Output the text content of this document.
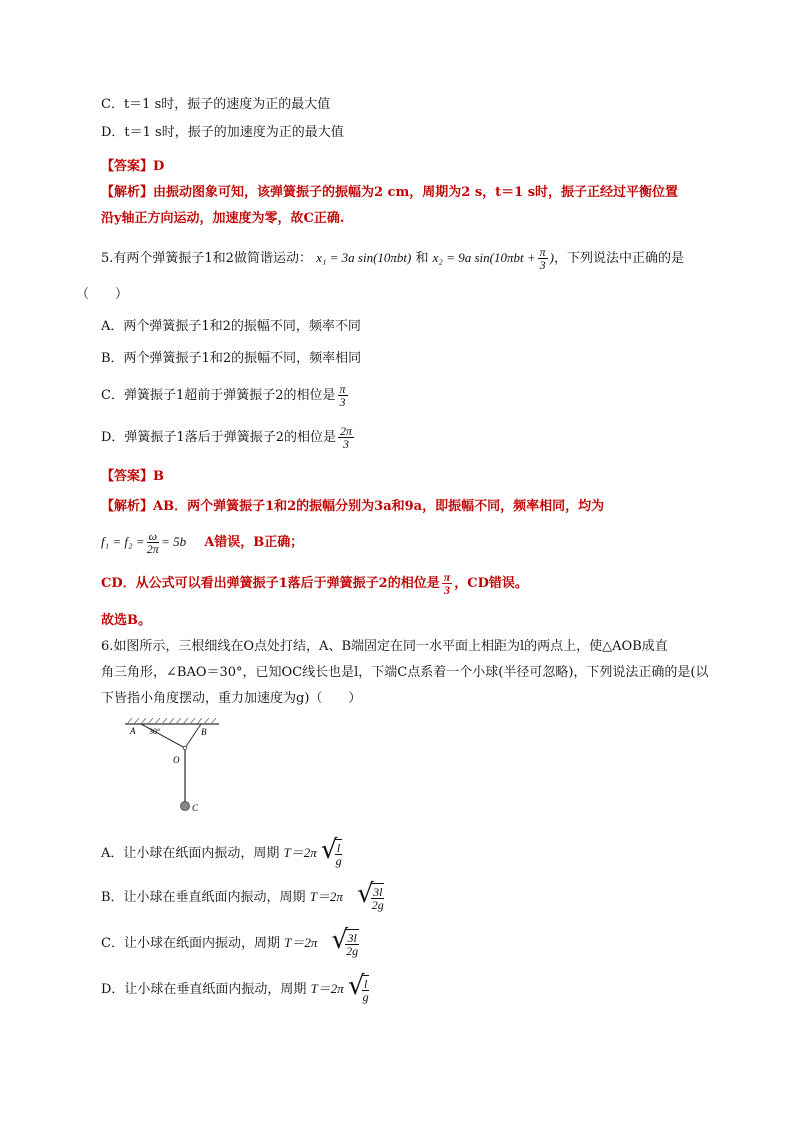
C．t＝1 s时，振子的速度为正的最大值
D．t＝1 s时，振子的加速度为正的最大值
【答案】D
【解析】由振动图象可知，该弹簧振子的振幅为2 cm，周期为2 s，t＝1 s时，振子正经过平衡位置
沿y轴正方向运动，加速度为零，故C正确.
5.有两个弹簧振子1和2做简谐运动： x₁ = 3a sin(10πbt) 和 x₂ = 9a $\sin(10\pi bt + \frac{\pi}{3}$ )，下列说法中正确的是
（　　）
A．两个弹簧振子1和2的振幅不同，频率不同
B．两个弹簧振子1和2的振幅不同，频率相同
C．弹簧振子1超前于弹簧振子2的相位是 $\frac{\pi}{3}$
D．弹簧振子1落后于弹簧振子2的相位是 $\frac{2\pi}{3}$
【答案】B
【解析】AB．两个弹簧振子1和2的振幅分别为3a和9a，即振幅不同，频率相同，均为
$f_1 = f_2 = \frac{\omega}{2\pi} = 5b$ A错误，B正确；
CD．从公式可以看出弹簧振子1落后于弹簧振子2的相位是 $\frac{\pi}{3}$ ，CD错误。
故选B。
6.如图所示，三根细线在O点处打结，A、B端固定在同一水平面上相距为l的两点上，使△AOB成直
角三角形，∠BAO＝30°，已知OC线长也是l，下端C点系着一个小球(半径可忽略)，下列说法正确的是(以
下皆指小角度摆动，重力加速度为g)（　　）
A 30°	B
O
C
A．让小球在纸面内振动，周期 T＝2π √
$\frac{l}{g}$
B．让小球在垂直纸面内振动，周期 T＝2π √
$\frac{3l}{2g}$
C．让小球在纸面内振动，周期 T＝2π √
$\frac{3l}{2g}$
D．让小球在垂直纸面内振动，周期 T＝2π √
$\frac{l}{g}$
